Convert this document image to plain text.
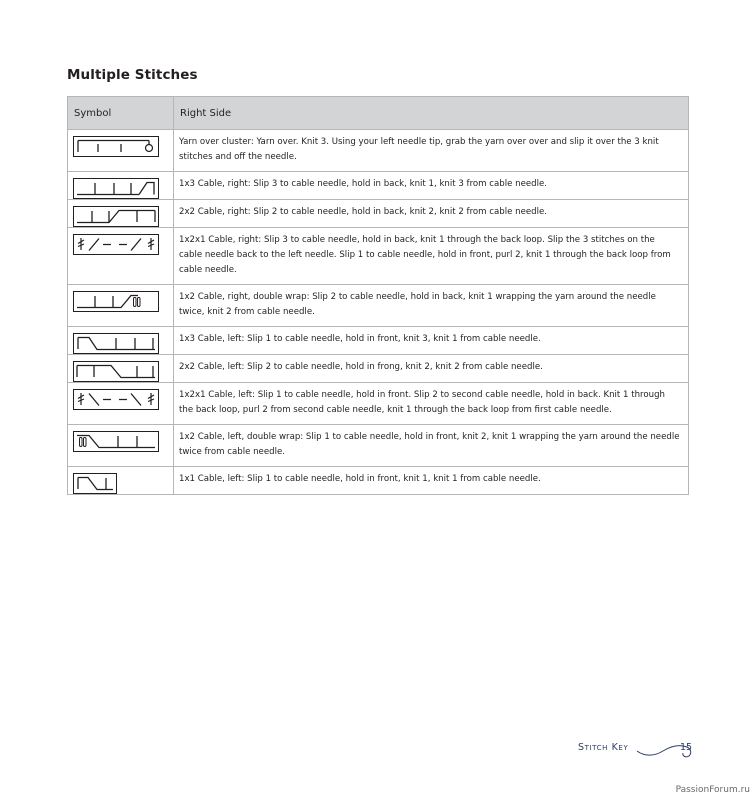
Multiple Stitches
Symbol	Right Side

	Yarn over cluster: Yarn over. Knit 3. Using your left needle tip, grab the yarn over over and slip it over the 3 knit stitches and off the needle.

	1x3 Cable, right: Slip 3 to cable needle, hold in back, knit 1, knit 3 from cable needle.

	2x2 Cable, right: Slip 2 to cable needle, hold in back, knit 2, knit 2 from cable needle.

	1x2x1 Cable, right: Slip 3 to cable needle, hold in back, knit 1 through the back loop. Slip the 3 stitches on the cable needle back to the left needle. Slip 1 to cable needle, hold in front, purl 2, knit 1 through the back loop from cable needle.

	1x2 Cable, right, double wrap: Slip 2 to cable needle, hold in back, knit 1 wrapping the yarn around the needle twice, knit 2 from cable needle.

	1x3 Cable, left: Slip 1 to cable needle, hold in front, knit 3, knit 1 from cable needle.

	2x2 Cable, left: Slip 2 to cable needle, hold in frong, knit 2, knit 2 from cable needle.

	1x2x1 Cable, left: Slip 1 to cable needle, hold in front. Slip 2 to second cable needle, hold in back. Knit 1 through the back loop, purl 2 from second cable needle, knit 1 through the back loop from first cable needle.

	1x2 Cable, left, double wrap: Slip 1 to cable needle, hold in front, knit 2, knit 1 wrapping the yarn around the needle twice from cable needle.

	1x1 Cable, left: Slip 1 to cable needle, hold in front, knit 1, knit 1 from cable needle.
Stitch Key	15
PassionForum.ru
